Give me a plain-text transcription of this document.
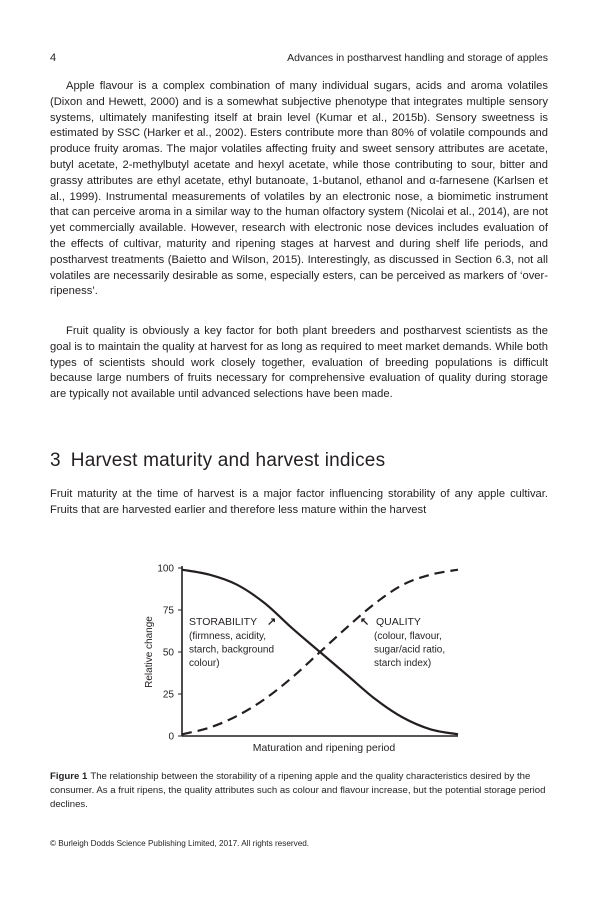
4	Advances in postharvest handling and storage of apples

Apple flavour is a complex combination of many individual sugars, acids and aroma volatiles (Dixon and Hewett, 2000) and is a somewhat subjective phenotype that integrates multiple sensory systems, ultimately manifesting itself at brain level (Kumar et al., 2015b). Sensory sweetness is estimated by SSC (Harker et al., 2002). Esters contribute more than 80% of volatile compounds and produce fruity aromas. The major volatiles affecting fruity and sweet sensory attributes are acetate, butyl acetate, 2-methylbutyl acetate and hexyl acetate, while those contributing to sour, bitter and grassy attributes are ethyl acetate, ethyl butanoate, 1-butanol, ethanol and α-farnesene (Karlsen et al., 1999). Instrumental measurements of volatiles by an electronic nose, a biomimetic instrument that can perceive aroma in a similar way to the human olfactory system (Nicolai et al., 2014), are not yet commercially available. However, research with electronic nose devices includes evaluation of the effects of cultivar, maturity and ripening stages at harvest and during shelf life periods, and postharvest treatments (Baietto and Wilson, 2015). Interestingly, as discussed in Section 6.3, not all volatiles are necessarily desirable as some, especially esters, can be perceived as markers of ‘over-ripeness’.

Fruit quality is obviously a key factor for both plant breeders and postharvest scientists as the goal is to maintain the quality at harvest for as long as required to meet market demands. While both types of scientists should work closely together, evaluation of breeding populations is difficult because large numbers of fruits necessary for comprehensive evaluation of quality during storage are typically not available until advanced selections have been made.

3 Harvest maturity and harvest indices

Fruit maturity at the time of harvest is a major factor influencing storability of any apple cultivar. Fruits that are harvested earlier and therefore less mature within the harvest

Relative change
Maturation and ripening period
0
25
50
75
100
STORABILITY ↗
(firmness, acidity,
starch, background
colour)
↖ QUALITY
(colour, flavour,
sugar/acid ratio,
starch index)

Figure 1 The relationship between the storability of a ripening apple and the quality characteristics desired by the consumer. As a fruit ripens, the quality attributes such as colour and flavour increase, but the potential storage period declines.

© Burleigh Dodds Science Publishing Limited, 2017. All rights reserved.
